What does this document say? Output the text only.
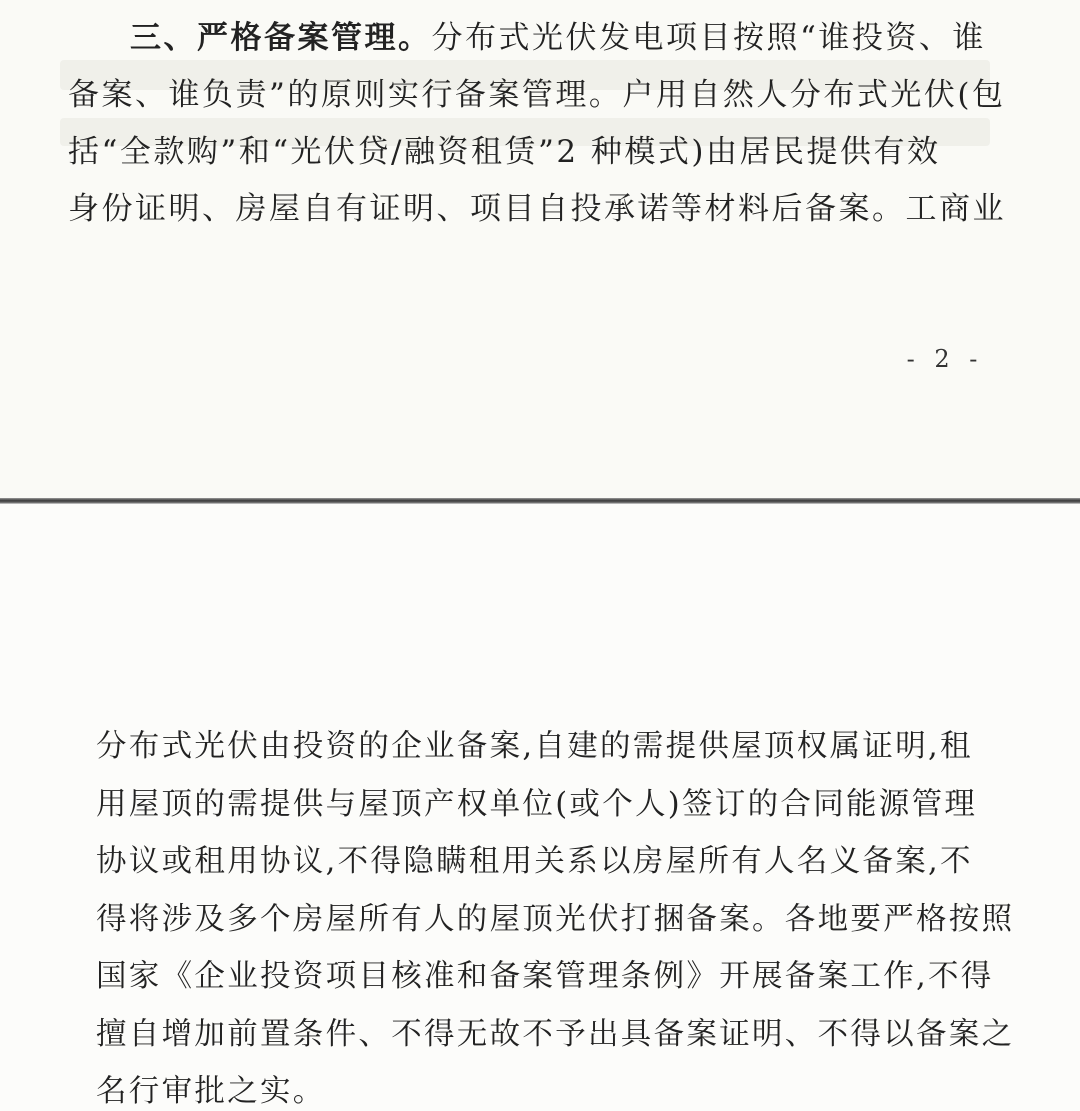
三、严格备案管理。分布式光伏发电项目按照“谁投资、谁
备案、谁负责”的原则实行备案管理。户用自然人分布式光伏(包
括“全款购”和“光伏贷/融资租赁”2 种模式)由居民提供有效
身份证明、房屋自有证明、项目自投承诺等材料后备案。工商业

- 2 -

分布式光伏由投资的企业备案,自建的需提供屋顶权属证明,租
用屋顶的需提供与屋顶产权单位(或个人)签订的合同能源管理
协议或租用协议,不得隐瞒租用关系以房屋所有人名义备案,不
得将涉及多个房屋所有人的屋顶光伏打捆备案。各地要严格按照
国家《企业投资项目核准和备案管理条例》开展备案工作,不得
擅自增加前置条件、不得无故不予出具备案证明、不得以备案之
名行审批之实。
